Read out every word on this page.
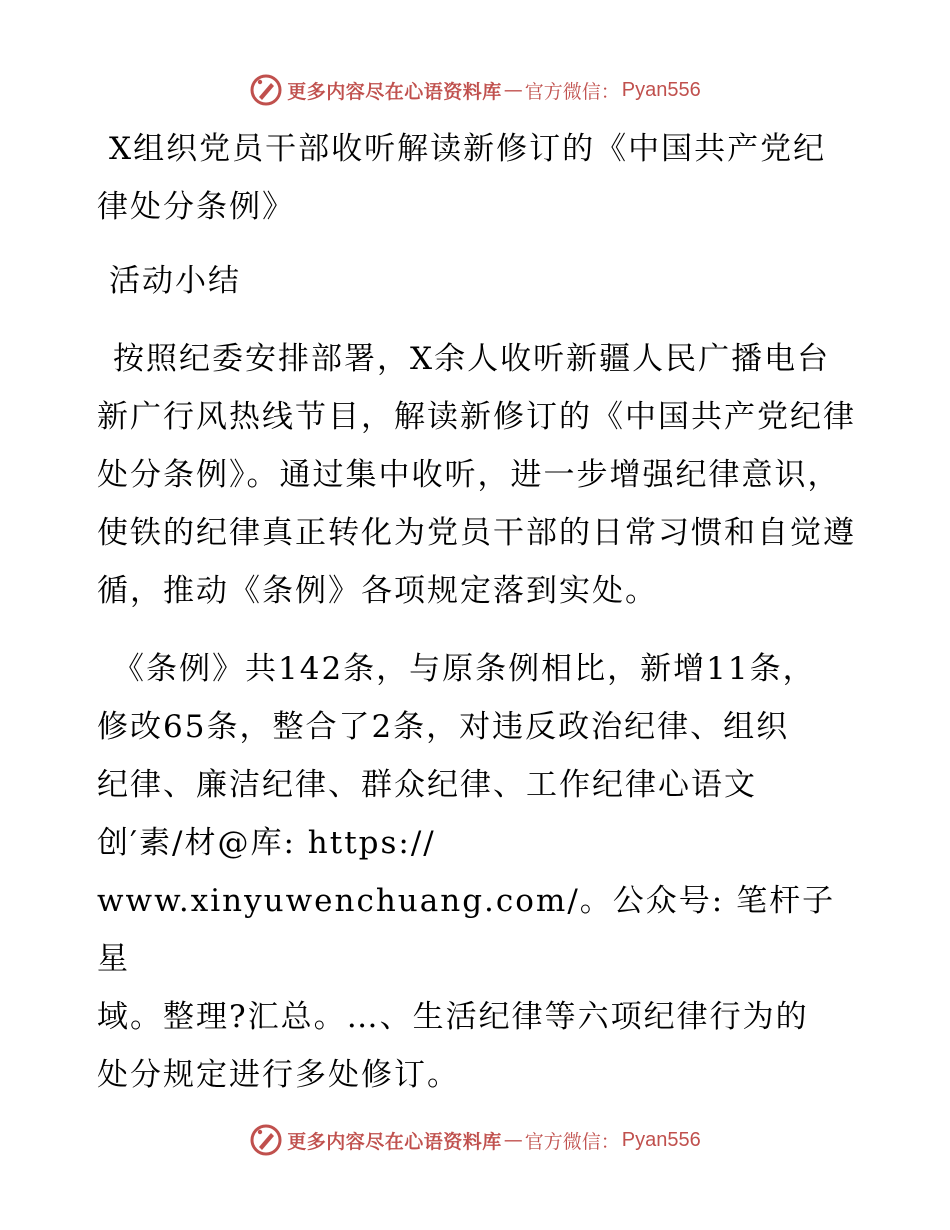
更多内容尽在心语资料库 — 官方微信： Pyan556
X组织党员干部收听解读新修订的《中国共产党纪
律处分条例》
活动小结

按照纪委安排部署，X余人收听新疆人民广播电台新广行风热线节目，解读新修订的《中国共产党纪律处分条例》。通过集中收听，进一步增强纪律意识，使铁的纪律真正转化为党员干部的日常习惯和自觉遵循，推动《条例》各项规定落到实处。

《条例》共142条，与原条例相比，新增11条，
修改65条，整合了2条，对违反政治纪律、组织
纪律、廉洁纪律、群众纪律、工作纪律心语文
创′素/材@库: https://
www.xinyuwenchuang.com/。公众号: 笔杆子星
域。整理?汇总。…、生活纪律等六项纪律行为的
处分规定进行多处修订。

更多内容尽在心语资料库 — 官方微信： Pyan556
